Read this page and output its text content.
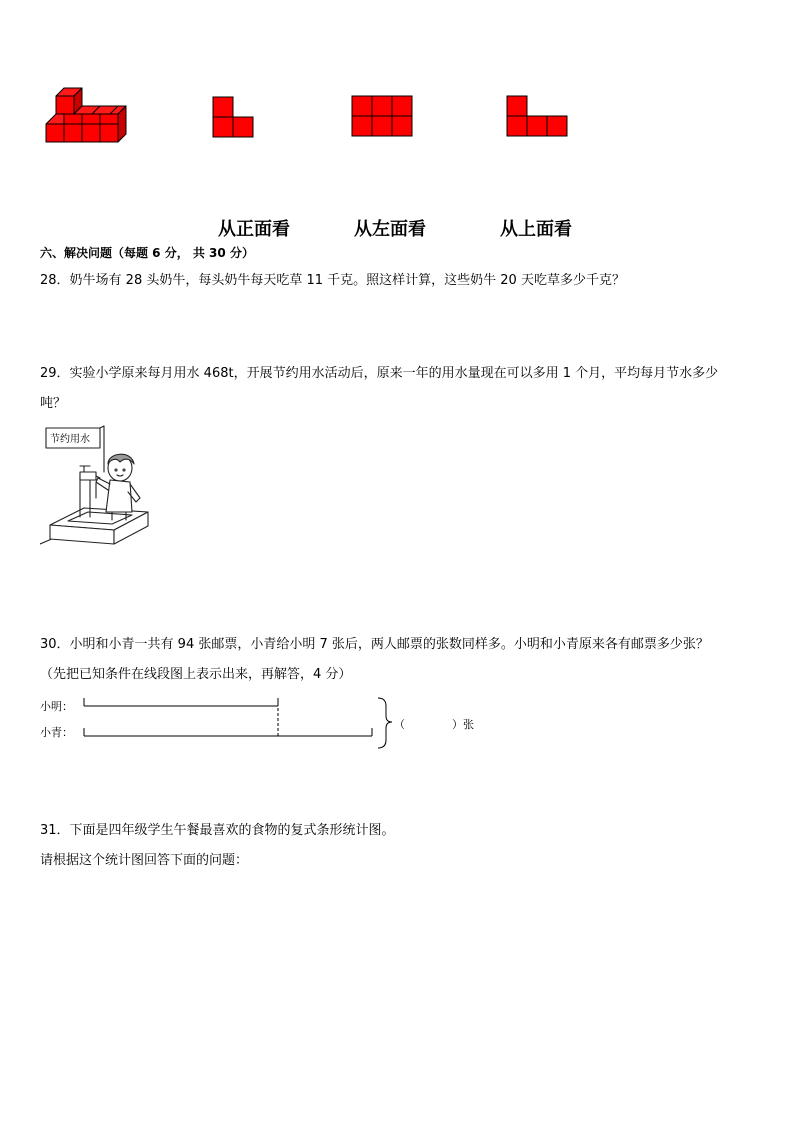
从正面看	从左面看	从上面看
六、解决问题（每题 6 分， 共 30 分）
28．奶牛场有 28 头奶牛，每头奶牛每天吃草 11 千克。照这样计算，这些奶牛 20 天吃草多少千克？
29．实验小学原来每月用水 468t，开展节约用水活动后，原来一年的用水量现在可以多用 1 个月，平均每月节水多少
吨？
节约用水
30．小明和小青一共有 94 张邮票，小青给小明 7 张后，两人邮票的张数同样多。小明和小青原来各有邮票多少张？
（先把已知条件在线段图上表示出来，再解答，4 分）
小明：
小青：
（	）张
31．下面是四年级学生午餐最喜欢的食物的复式条形统计图。
请根据这个统计图回答下面的问题：
